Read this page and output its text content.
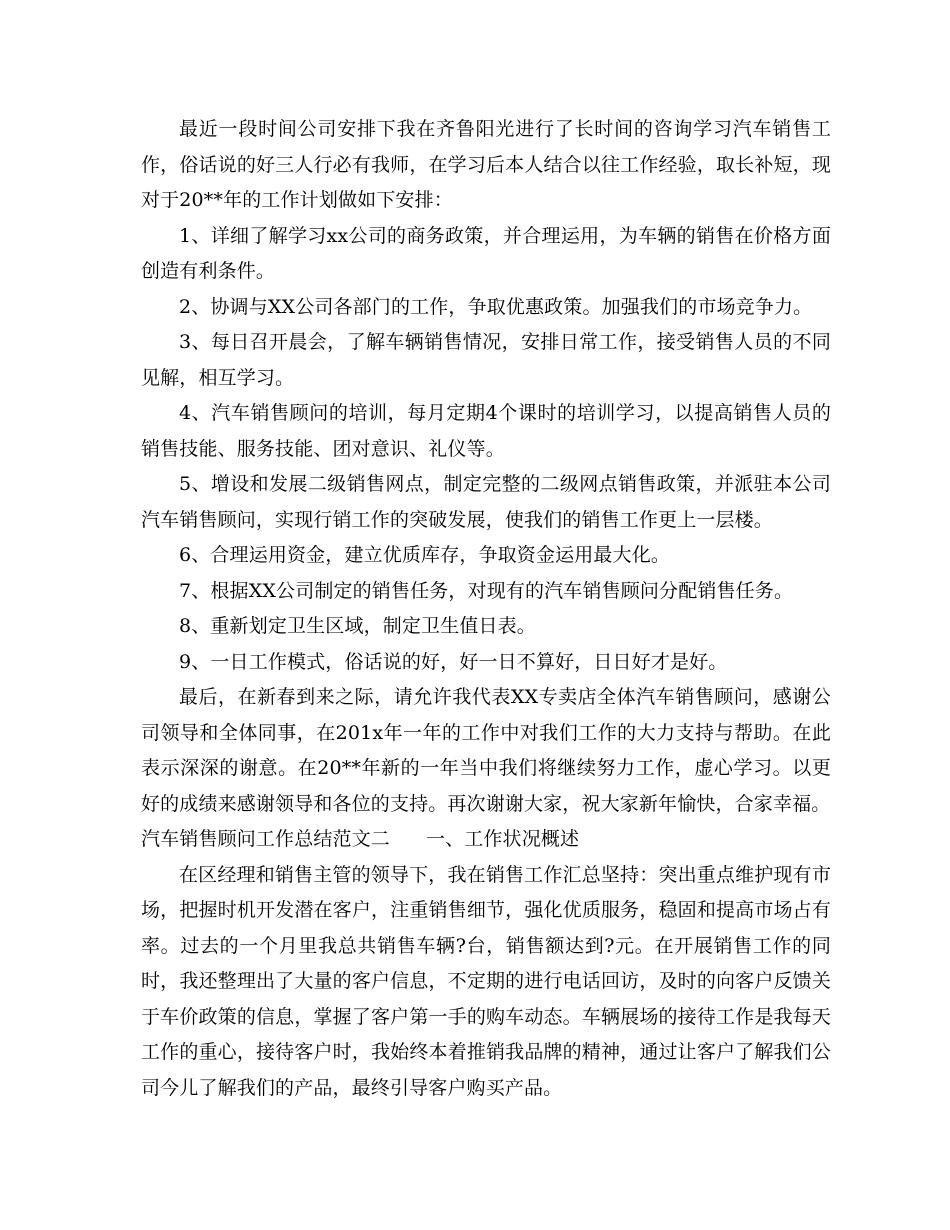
最近一段时间公司安排下我在齐鲁阳光进行了长时间的咨询学习汽车销售工作，俗话说的好三人行必有我师，在学习后本人结合以往工作经验，取长补短，现对于20**年的工作计划做如下安排：

1、详细了解学习xx公司的商务政策，并合理运用，为车辆的销售在价格方面创造有利条件。

2、协调与XX公司各部门的工作，争取优惠政策。加强我们的市场竞争力。

3、每日召开晨会，了解车辆销售情况，安排日常工作，接受销售人员的不同见解，相互学习。

4、汽车销售顾问的培训，每月定期4个课时的培训学习，以提高销售人员的销售技能、服务技能、团对意识、礼仪等。

5、增设和发展二级销售网点，制定完整的二级网点销售政策，并派驻本公司汽车销售顾问，实现行销工作的突破发展，使我们的销售工作更上一层楼。

6、合理运用资金，建立优质库存，争取资金运用最大化。

7、根据XX公司制定的销售任务，对现有的汽车销售顾问分配销售任务。

8、重新划定卫生区域，制定卫生值日表。

9、一日工作模式，俗话说的好，好一日不算好，日日好才是好。

最后，在新春到来之际，请允许我代表XX专卖店全体汽车销售顾问，感谢公司领导和全体同事，在201x年一年的工作中对我们工作的大力支持与帮助。在此表示深深的谢意。在20**年新的一年当中我们将继续努力工作，虚心学习。以更好的成绩来感谢领导和各位的支持。再次谢谢大家，祝大家新年愉快，合家幸福。

汽车销售顾问工作总结范文二 一、工作状况概述

在区经理和销售主管的领导下，我在销售工作汇总坚持：突出重点维护现有市场，把握时机开发潜在客户，注重销售细节，强化优质服务，稳固和提高市场占有率。过去的一个月里我总共销售车辆?台，销售额达到?元。在开展销售工作的同时，我还整理出了大量的客户信息，不定期的进行电话回访，及时的向客户反馈关于车价政策的信息，掌握了客户第一手的购车动态。车辆展场的接待工作是我每天工作的重心，接待客户时，我始终本着推销我品牌的精神，通过让客户了解我们公司今儿了解我们的产品，最终引导客户购买产品。
